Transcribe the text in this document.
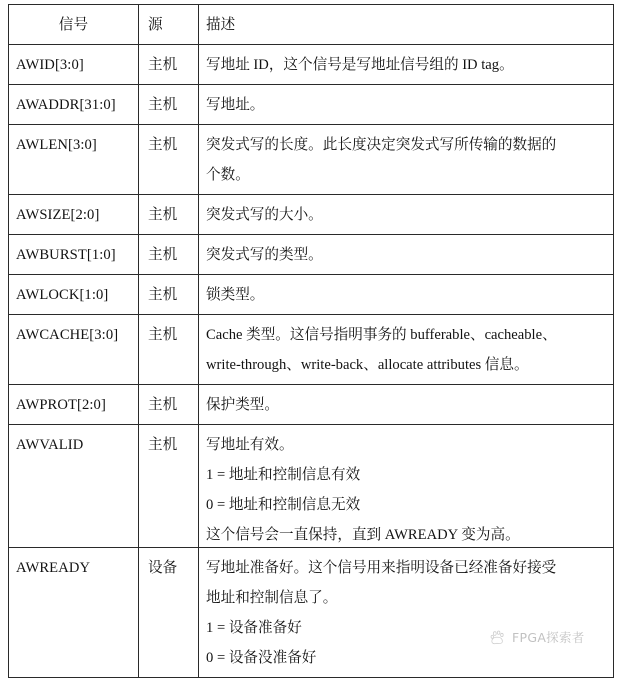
信号	源	描述

AWID[3:0]	主机	写地址 ID，这个信号是写地址信号组的 ID tag。

AWADDR[31:0]	主机	写地址。

AWLEN[3:0]	主机	突发式写的长度。此长度决定突发式写所传输的数据的
个数。

AWSIZE[2:0]	主机	突发式写的大小。

AWBURST[1:0]	主机	突发式写的类型。

AWLOCK[1:0]	主机	锁类型。

AWCACHE[3:0]	主机	Cache 类型。这信号指明事务的 bufferable、cacheable、
write-through、write-back、allocate attributes 信息。

AWPROT[2:0]	主机	保护类型。

AWVALID	主机	写地址有效。
1 = 地址和控制信息有效
0 = 地址和控制信息无效
这个信号会一直保持，直到 AWREADY 变为高。
AWREADY	设备	写地址准备好。这个信号用来指明设备已经准备好接受
地址和控制信息了。
1 = 设备准备好
0 = 设备没准备好
FPGA探索者
